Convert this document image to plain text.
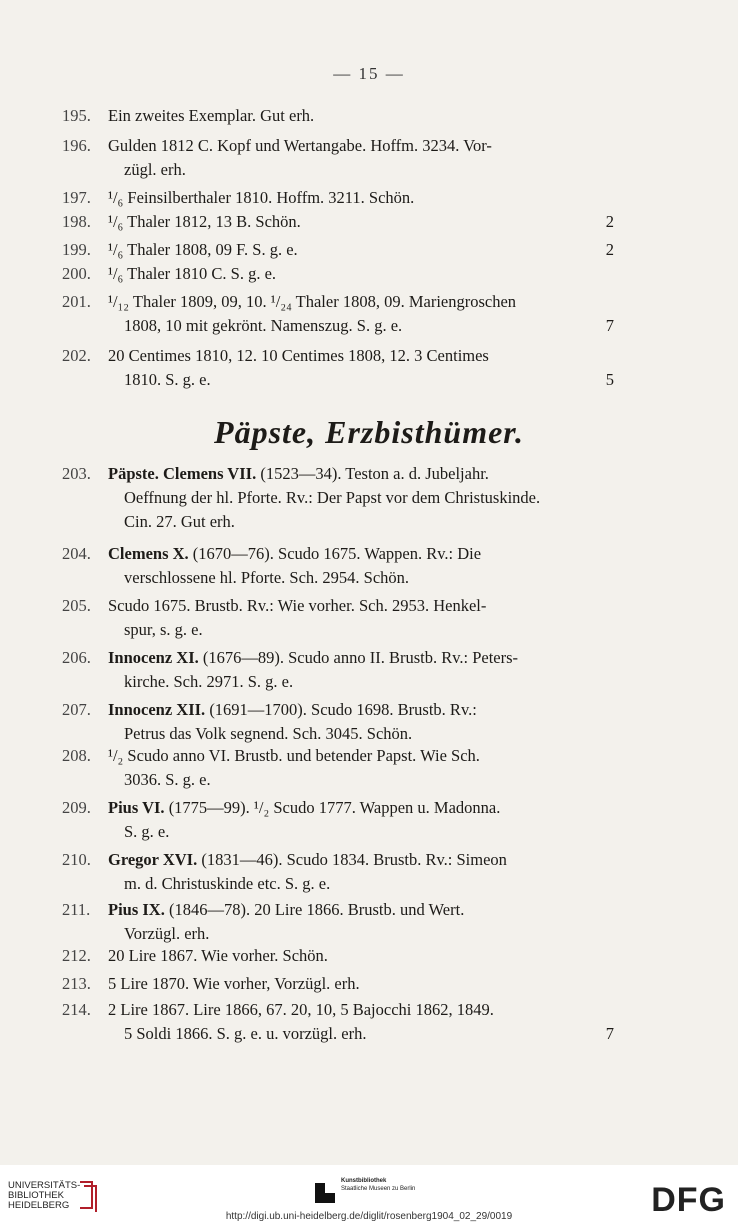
— 15 —
195. Ein zweites Exemplar. Gut erh.
196. Gulden 1812 C. Kopf und Wertangabe. Hoffm. 3234. Vor-
zügl. erh.
197. ¹/₆ Feinsilberthaler 1810. Hoffm. 3211. Schön.
198. ¹/₆ Thaler 1812, 13 B. Schön.	2
199. ¹/₆ Thaler 1808, 09 F. S. g. e.	2
200. ¹/₆ Thaler 1810 C. S. g. e.
201. ¹/₁₂ Thaler 1809, 09, 10. ¹/₂₄ Thaler 1808, 09. Mariengroschen
1808, 10 mit gekrönt. Namenszug. S. g. e.	7
202. 20 Centimes 1810, 12. 10 Centimes 1808, 12. 3 Centimes
1810. S. g. e.	5
Päpste, Erzbisthümer.
203. Päpste. Clemens VII. (1523—34). Teston a. d. Jubeljahr.
Oeffnung der hl. Pforte. Rv.: Der Papst vor dem Christuskinde.
Cin. 27. Gut erh.
204. Clemens X. (1670—76). Scudo 1675. Wappen. Rv.: Die
verschlossene hl. Pforte. Sch. 2954. Schön.
205. Scudo 1675. Brustb. Rv.: Wie vorher. Sch. 2953. Henkel-
spur, s. g. e.
206. Innocenz XI. (1676—89). Scudo anno II. Brustb. Rv.: Peters-
kirche. Sch. 2971. S. g. e.
207. Innocenz XII. (1691—1700). Scudo 1698. Brustb. Rv.:
Petrus das Volk segnend. Sch. 3045. Schön.
208. ¹/₂ Scudo anno VI. Brustb. und betender Papst. Wie Sch.
3036. S. g. e.
209. Pius VI. (1775—99). ¹/₂ Scudo 1777. Wappen u. Madonna.
S. g. e.
210. Gregor XVI. (1831—46). Scudo 1834. Brustb. Rv.: Simeon
m. d. Christuskinde etc. S. g. e.
211. Pius IX. (1846—78). 20 Lire 1866. Brustb. und Wert.
Vorzügl. erh.
212. 20 Lire 1867. Wie vorher. Schön.
213. 5 Lire 1870. Wie vorher, Vorzügl. erh.
214. 2 Lire 1867. Lire 1866, 67. 20, 10, 5 Bajocchi 1862, 1849.
5 Soldi 1866. S. g. e. u. vorzügl. erh.	7
UNIVERSITÄTS-
BIBLIOTHEK
HEIDELBERG
Kunstbibliothek
Staatliche Museen zu Berlin	DFG
http://digi.ub.uni-heidelberg.de/diglit/rosenberg1904_02_29/0019
